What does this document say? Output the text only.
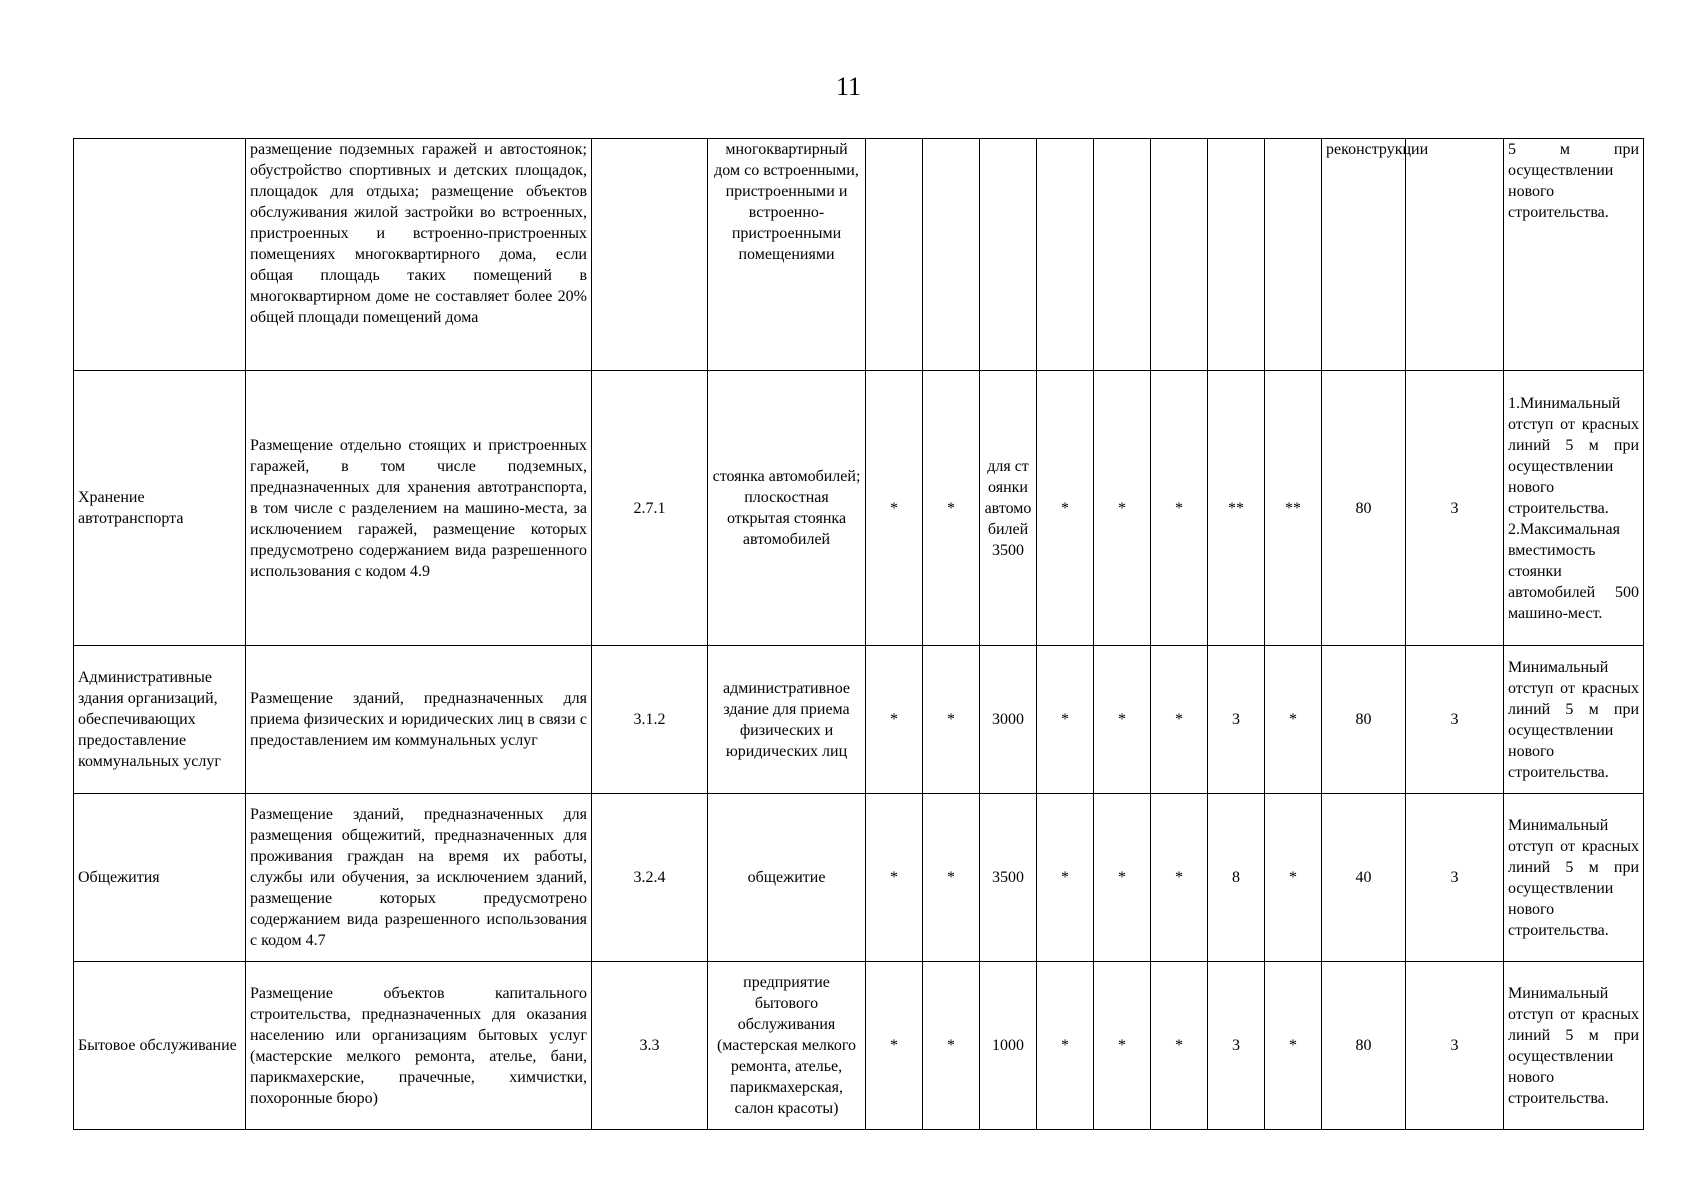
11
	размещение подземных гаражей и автостоянок; обустройство спортивных и детских площадок, площадок для отдыха; размещение объектов обслуживания жилой застройки во встроенных, пристроенных и встроенно-пристроенных помещениях многоквартирного дома, если общая площадь таких помещений в многоквартирном доме не составляет более 20% общей площади помещений дома		многоквартирный дом со встроенными, пристроенными и встроенно-пристроенными помещениями									реконструкции		5 м при осуществлении нового строительства.
Хранение автотранспорта	Размещение отдельно стоящих и пристроенных гаражей, в том числе подземных, предназначенных для хранения автотранспорта, в том числе с разделением на машино-места, за исключением гаражей, размещение которых предусмотрено содержанием вида разрешенного использования с кодом 4.9	2.7.1	стоянка автомобилей; плоскостная открытая стоянка автомобилей	*	*	для стоянки автомобилей 3500	*	*	*	**	**	80	3	1.Минимальный отступ от красных линий 5 м при осуществлении нового строительства. 2.Максимальная вместимость стоянки автомобилей 500 машино-мест.
Административные здания организаций, обеспечивающих предоставление коммунальных услуг	Размещение зданий, предназначенных для приема физических и юридических лиц в связи с предоставлением им коммунальных услуг	3.1.2	административное здание для приема физических и юридических лиц	*	*	3000	*	*	*	3	*	80	3	Минимальный отступ от красных линий 5 м при осуществлении нового строительства.
Общежития	Размещение зданий, предназначенных для размещения общежитий, предназначенных для проживания граждан на время их работы, службы или обучения, за исключением зданий, размещение которых предусмотрено содержанием вида разрешенного использования с кодом 4.7	3.2.4	общежитие	*	*	3500	*	*	*	8	*	40	3	Минимальный отступ от красных линий 5 м при осуществлении нового строительства.
Бытовое обслуживание	Размещение объектов капитального строительства, предназначенных для оказания населению или организациям бытовых услуг (мастерские мелкого ремонта, ателье, бани, парикмахерские, прачечные, химчистки, похоронные бюро)	3.3	предприятие бытового обслуживания (мастерская мелкого ремонта, ателье, парикмахерская, салон красоты)	*	*	1000	*	*	*	3	*	80	3	Минимальный отступ от красных линий 5 м при осуществлении нового строительства.
